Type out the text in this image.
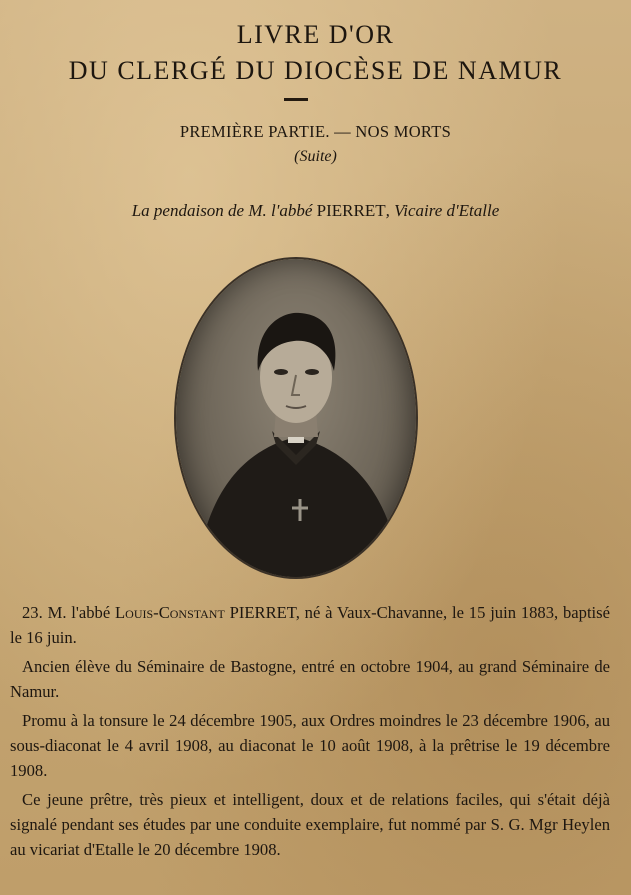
LIVRE D'OR
DU CLERGÉ DU DIOCÈSE DE NAMUR
PREMIÈRE PARTIE. — NOS MORTS
(Suite)
La pendaison de M. l'abbé PIERRET, Vicaire d'Etalle

23. M. l'abbé Louis-Constant PIERRET, né à Vaux-Chavanne, le 15 juin 1883, baptisé le 16 juin.

Ancien élève du Séminaire de Bastogne, entré en octobre 1904, au grand Séminaire de Namur.

Promu à la tonsure le 24 décembre 1905, aux Ordres moindres le 23 décembre 1906, au sous-diaconat le 4 avril 1908, au diaconat le 10 août 1908, à la prêtrise le 19 décembre 1908.

Ce jeune prêtre, très pieux et intelligent, doux et de relations faciles, qui s'était déjà signalé pendant ses études par une conduite exemplaire, fut nommé par S. G. Mgr Heylen au vicariat d'Etalle le 20 décembre 1908.
